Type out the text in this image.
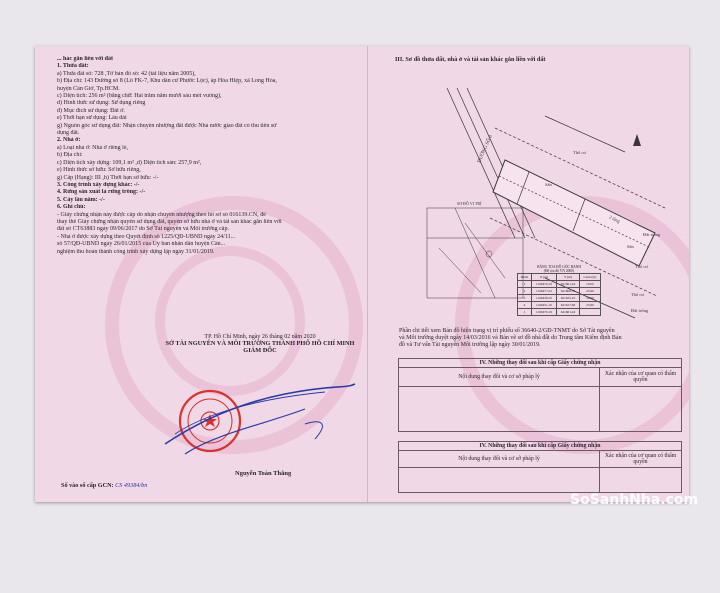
... hác gắn liền với đất
1. Thửa đất:
a) Thửa đất số: 728 ,Tờ bản đồ số: 42 (tài liệu năm 2005),
b) Địa chỉ: 143 Đường số 8 (Lô FK-7, Khu dân cư Phước Lộc), ấp Hòa Hiệp, xã Long Hòa,
huyện Cần Giờ, Tp.HCM.
c) Diện tích: 256 m² (bằng chữ: Hai trăm năm mươi sáu mét vuông),
d) Hình thức sử dụng: Sử dụng riêng
đ) Mục đích sử dụng: Đất ở.
e) Thời hạn sử dụng: Lâu dài
g) Nguồn gốc sử dụng đất: Nhận chuyển nhượng đất được Nhà nước giao đất có thu tiền sử
dụng đất.
2. Nhà ở:
a) Loại nhà ở: Nhà ở riêng lẻ,
b) Địa chỉ:
c) Diện tích xây dựng: 109,1 m² ,d) Diện tích sàn: 257,9 m²,
e) Hình thức sở hữu: Sở hữu riêng,
g) Cấp (Hạng): III ,h) Thời hạn sở hữu: -/-
3. Công trình xây dựng khác: -/-
4. Rừng sản xuất là rừng trồng: -/-
5. Cây lâu năm: -/-
6. Ghi chú:
- Giấy chứng nhận này được cấp do nhận chuyển nhượng theo hồ sơ số 016139.CN, để
thay thế Giấy chứng nhận quyền sử dụng đất, quyền sở hữu nhà ở và tài sản khác gắn liền với
đất số CT63883 ngày 09/06/2017 do Sở Tài nguyên và Môi trường cấp.
- Nhà ở được xây dựng theo Quyết định số 1225/QĐ-UBND ngày 24/11...
số 57/QĐ-UBND ngày 26/01/2015 của Ủy ban nhân dân huyện Cần...
nghiệm thu hoàn thành công trình xây dựng lập ngày 31/01/2019.
TP. Hồ Chí Minh, ngày 26 tháng 02 năm 2020
SỞ TÀI NGUYÊN VÀ MÔI TRƯỜNG THÀNH PHỐ HỒ CHÍ MINH
GIÁM ĐỐC
Nguyễn Toàn Thắng
Số vào sổ cấp GCN: CS 49384/bn
III. Sơ đồ thửa đất, nhà ở và tài sản khác gắn liền với đất
ĐƯỜNG SỐ 8
SƠ ĐỒ VỊ TRÍ
Thổ cư
Sân
2 tầng
Sân
Thổ cư
Đất trống
Thổ cư
Đất trống
BẢNG TỌA ĐỘ GÓC RANH
(Hệ tọa độ VN 2000)
Điểm	X (m)	Y (m)	Cạnh (m)
1	1160470,19	621601,44	10,00
2	1160477,22	621608,33	25,60
3	1160458,10	621625,25	10,00
4	1160451,10	621617,96	25,60
1	1160470,19	621601,44	
Phần chi tiết xem Bản đồ hiện trạng vị trí phiếu số 36640-2/GĐ-TNMT do Sở Tài nguyên
và Môi trường duyệt ngày 14/03/2016 và Bản vẽ sơ đồ nhà đất do Trung tâm Kiểm định Bản
đồ và Tư vấn Tài nguyên Môi trường lập ngày 30/01/2019.
IV. Những thay đổi sau khi cấp Giấy chứng nhận	
Nội dung thay đổi và cơ sở pháp lý	Xác nhận của cơ quan có thẩm quyền

IV. Những thay đổi sau khi cấp Giấy chứng nhận	
Nội dung thay đổi và cơ sở pháp lý	Xác nhận của cơ quan có thẩm quyền

SoSanhNha.com
